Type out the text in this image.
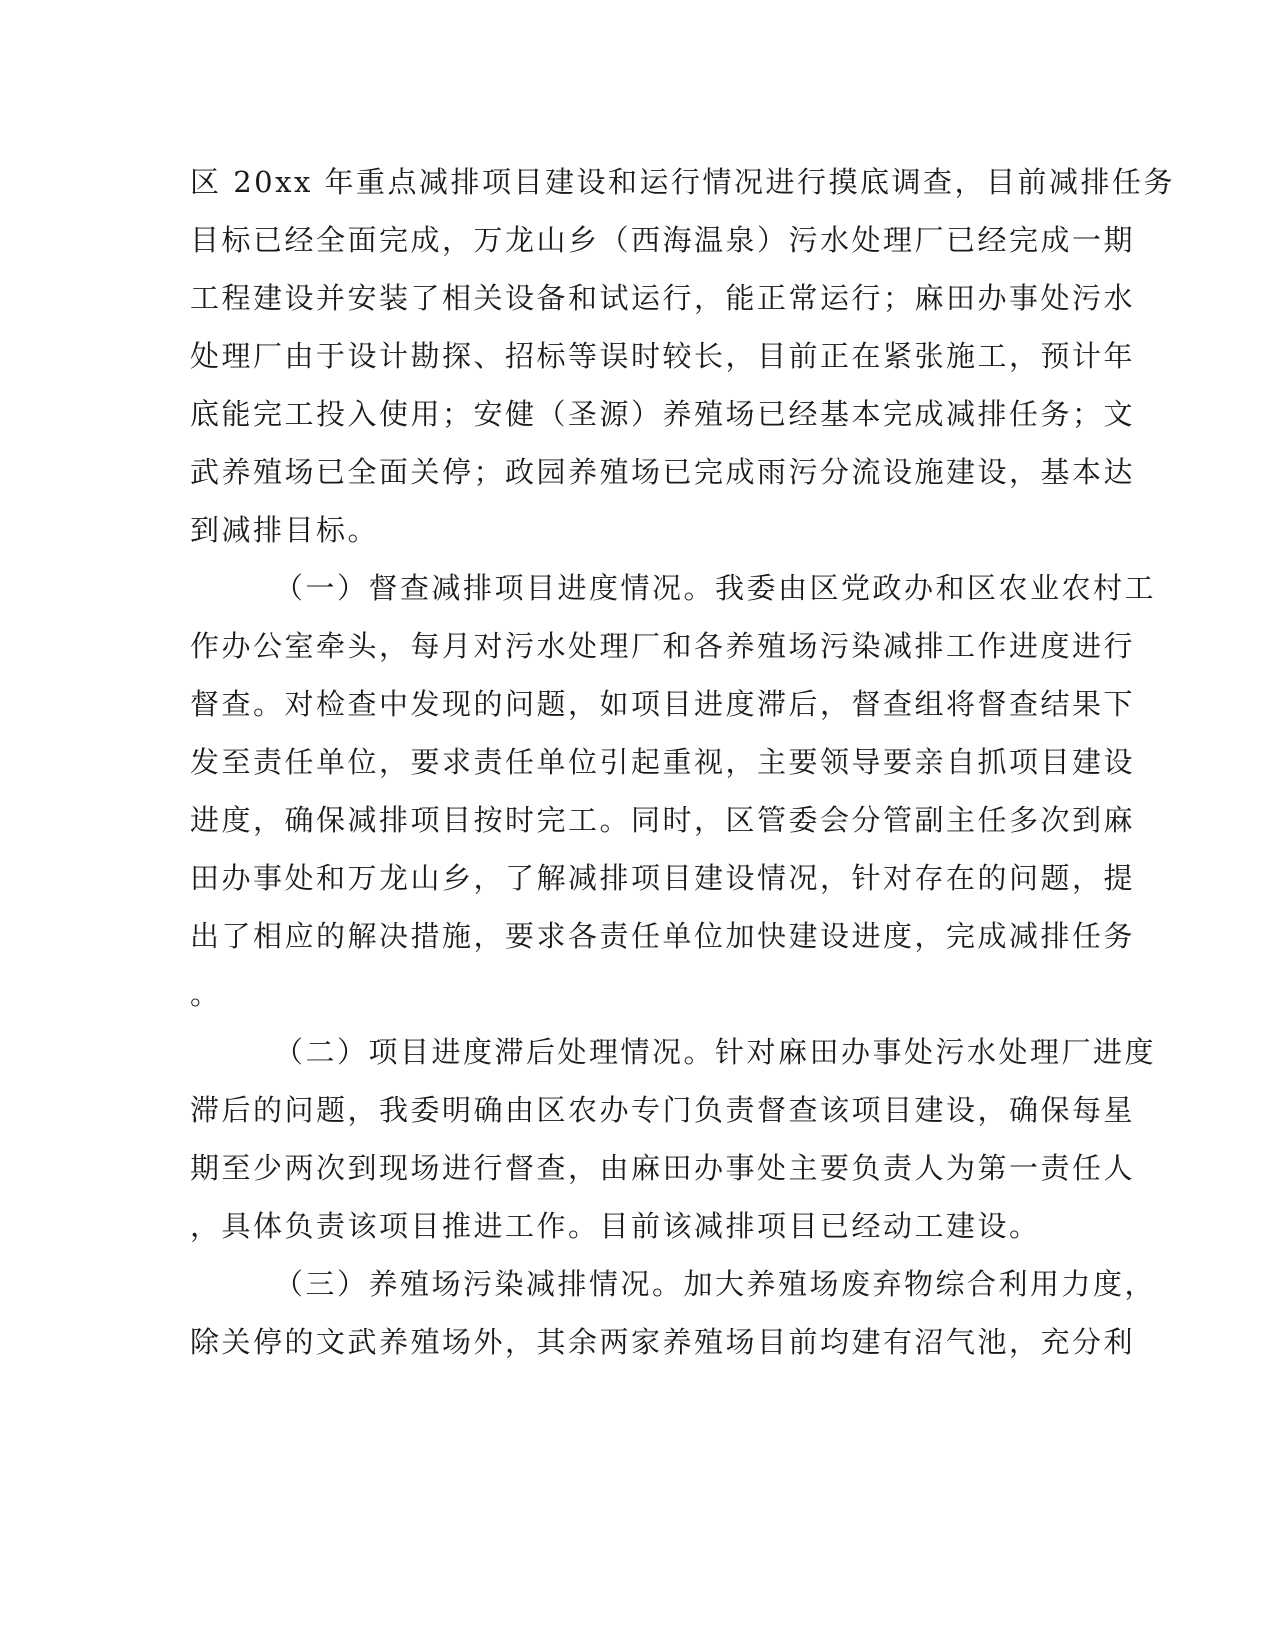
区 20xx 年重点减排项目建设和运行情况进行摸底调查，目前减排任务

目标已经全面完成，万龙山乡（西海温泉）污水处理厂已经完成一期

工程建设并安装了相关设备和试运行，能正常运行；麻田办事处污水

处理厂由于设计勘探、招标等误时较长，目前正在紧张施工，预计年

底能完工投入使用；安健（圣源）养殖场已经基本完成减排任务；文

武养殖场已全面关停；政园养殖场已完成雨污分流设施建设，基本达

到减排目标。

（一）督查减排项目进度情况。我委由区党政办和区农业农村工

作办公室牵头，每月对污水处理厂和各养殖场污染减排工作进度进行

督查。对检查中发现的问题，如项目进度滞后，督查组将督查结果下

发至责任单位，要求责任单位引起重视，主要领导要亲自抓项目建设

进度，确保减排项目按时完工。同时，区管委会分管副主任多次到麻

田办事处和万龙山乡，了解减排项目建设情况，针对存在的问题，提

出了相应的解决措施，要求各责任单位加快建设进度，完成减排任务

。

（二）项目进度滞后处理情况。针对麻田办事处污水处理厂进度

滞后的问题，我委明确由区农办专门负责督查该项目建设，确保每星

期至少两次到现场进行督查，由麻田办事处主要负责人为第一责任人

，具体负责该项目推进工作。目前该减排项目已经动工建设。

（三）养殖场污染减排情况。加大养殖场废弃物综合利用力度，

除关停的文武养殖场外，其余两家养殖场目前均建有沼气池，充分利
